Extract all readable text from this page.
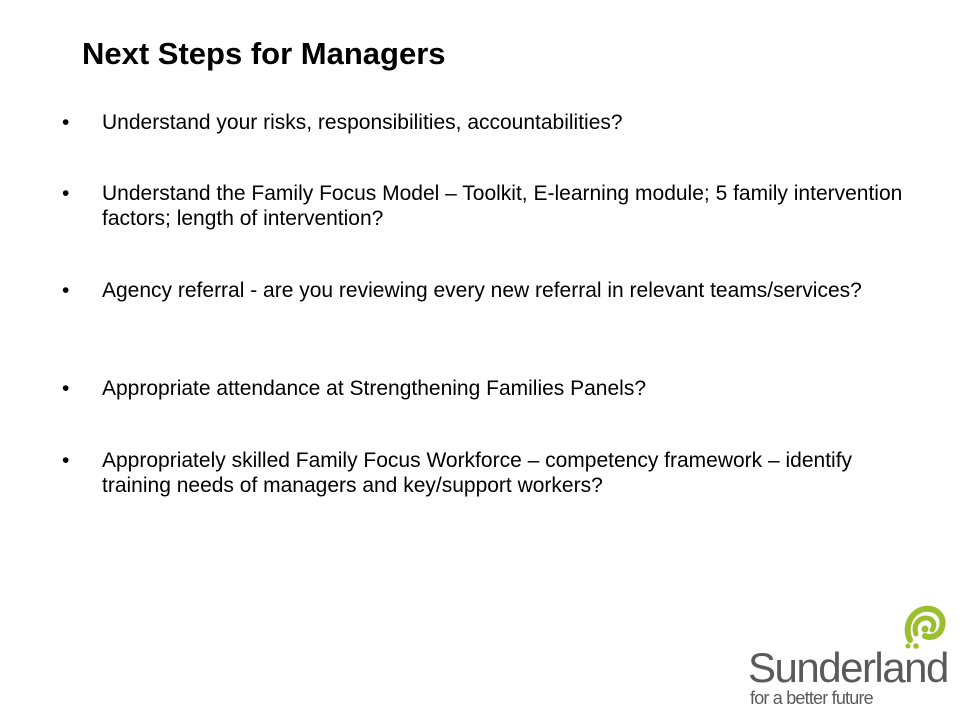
Next Steps for Managers
•	Understand your risks, responsibilities, accountabilities?
•	Understand the Family Focus Model – Toolkit, E-learning module; 5 family intervention factors; length of intervention?
•	Agency referral - are you reviewing every new referral in relevant teams/services?
•	Appropriate attendance at Strengthening Families Panels?
•	Appropriately skilled Family Focus Workforce – competency framework – identify training needs of managers and key/support workers?
Sunderland
for a better future
